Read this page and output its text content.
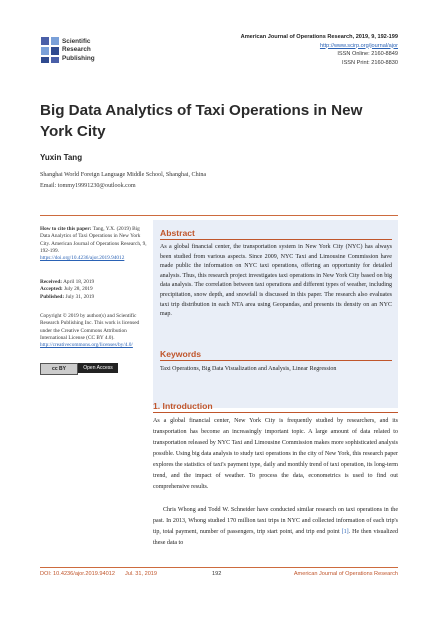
Scientific
Research
Publishing
American Journal of Operations Research, 2019, 9, 192-199
http://www.scirp.org/journal/ajor
ISSN Online: 2160-8849
ISSN Print: 2160-8830
Big Data Analytics of Taxi Operations in New York City
Yuxin Tang
Shanghai World Foreign Language Middle School, Shanghai, China
Email: tommy19991230@outlook.com
How to cite this paper: Tang, Y.X. (2019) Big Data Analytics of Taxi Operations in New York City. American Journal of Operations Research, 9, 192-199.
https://doi.org/10.4236/ajor.2019.94012
Received: April 18, 2019
Accepted: July 28, 2019
Published: July 31, 2019
Copyright © 2019 by author(s) and Scientific Research Publishing Inc. This work is licensed under the Creative Commons Attribution International License (CC BY 4.0).
http://creativecommons.org/licenses/by/4.0/
cc BY	Open Access
Abstract
As a global financial center, the transportation system in New York City (NYC) has always been studied from various aspects. Since 2009, NYC Taxi and Limousine Commission have made public the information on NYC taxi operations, offering an opportunity for detailed analysis. Thus, this research project investigates taxi operations in New York City based on big data analysis. The correlation between taxi operations and different types of weather, including precipitation, snow depth, and snowfall is discussed in this paper. The research also evaluates taxi trip distribution in each NTA area using Geopandas, and presents its density on an NYC map.
Keywords
Taxi Operations, Big Data Visualization and Analysis, Linear Regression
1. Introduction
As a global financial center, New York City is frequently studied by researchers, and its transportation has become an increasingly important topic. A large amount of data related to transportation released by NYC Taxi and Limousine Commission makes more sophisticated analysis possible. Using big data analysis to study taxi operations in the city of New York, this research paper explores the statistics of taxi's payment type, daily and monthly trend of taxi operation, its long-term trend, and the impact of weather. To process the data, econometrics is used to find out comprehensive results.
Chris Whong and Todd W. Schneider have conducted similar research on taxi operations in the past. In 2013, Whong studied 170 million taxi trips in NYC and collected information of each trip's tip, total payment, number of passengers, trip start point, and trip end point [1]. He then visualized these data to
DOI: 10.4236/ajor.2019.94012 Jul. 31, 2019	192	American Journal of Operations Research
